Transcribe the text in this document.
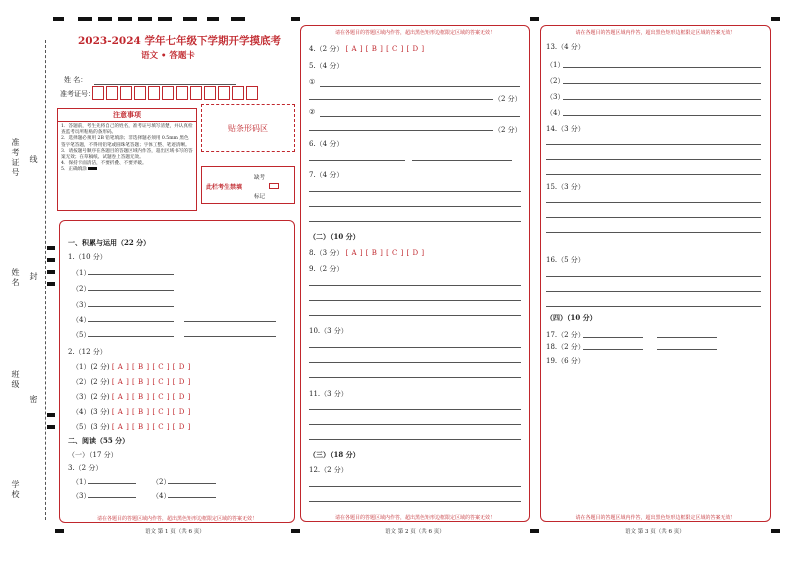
准考证号 线
姓名 封
班级
密
学校
2023-2024 学年七年级下学期开学摸底考
语文 • 答题卡
姓 名：
准考证号：
注意事项
1．答题前，考生先将自己的姓名，准考证号填写清楚，并认真检查监考员所粘贴的条形码。
2．选择题必须用 2B 铅笔填涂；非选择题必须用 0.5mm 黑色签字笔答题，不得用铅笔或圆珠笔答题；字体工整、笔迹清晰。
3．请按题号顺序在各题目的答题区域内作答，超出区域书写的答案无效；在草稿纸、试题卷上答题无效。
4．保持卡面清洁，不要折叠、不要弄破。
5．正确填涂
贴条形码区
此栏考生禁填
缺考
标记
一、积累与运用（22 分）
1.（10 分）
（1）
（2）
（3）
（4）
（5）
2.（12 分）
（1）(2 分) [ A ] [ B ] [ C ] [ D ]
（2）(2 分) [ A ] [ B ] [ C ] [ D ]
（3）(2 分) [ A ] [ B ] [ C ] [ D ]
（4）(3 分) [ A ] [ B ] [ C ] [ D ]
（5）(3 分) [ A ] [ B ] [ C ] [ D ]
二、阅读（55 分）
（一）（17 分）
3.（2 分）
（1）	（2）
（3）	（4）
请在各题目的答题区域内作答，超出黑色矩形边框限定区域的答案无效！
语文 第 1 页（共 6 页）
请在各题目的答题区域内作答，超出黑色矩形边框限定区域的答案无效！
4.（2 分） [ A ] [ B ] [ C ] [ D ]
5.（4 分）
①
（2 分）
②
（2 分）
6.（4 分）
7.（4 分）
（二）（10 分）
8.（3 分） [ A ] [ B ] [ C ] [ D ]
9.（2 分）
10.（3 分）
11.（3 分）
（三）（18 分）
12.（2 分）
请在各题目的答题区域内作答，超出黑色矩形边框限定区域的答案无效！
语文 第 2 页（共 6 页）
请在各题目的答题区域内作答，超出黑色矩形边框限定区域的答案无效！
13.（4 分）
（1）
（2）
（3）
（4）
14.（3 分）
15.（3 分）
16.（5 分）
（四）（10 分）
17.（2 分）
18.（2 分）
19.（6 分）
请在各题目的答题区域内作答，超出黑色矩形边框限定区域的答案无效！
语文 第 3 页（共 6 页）
